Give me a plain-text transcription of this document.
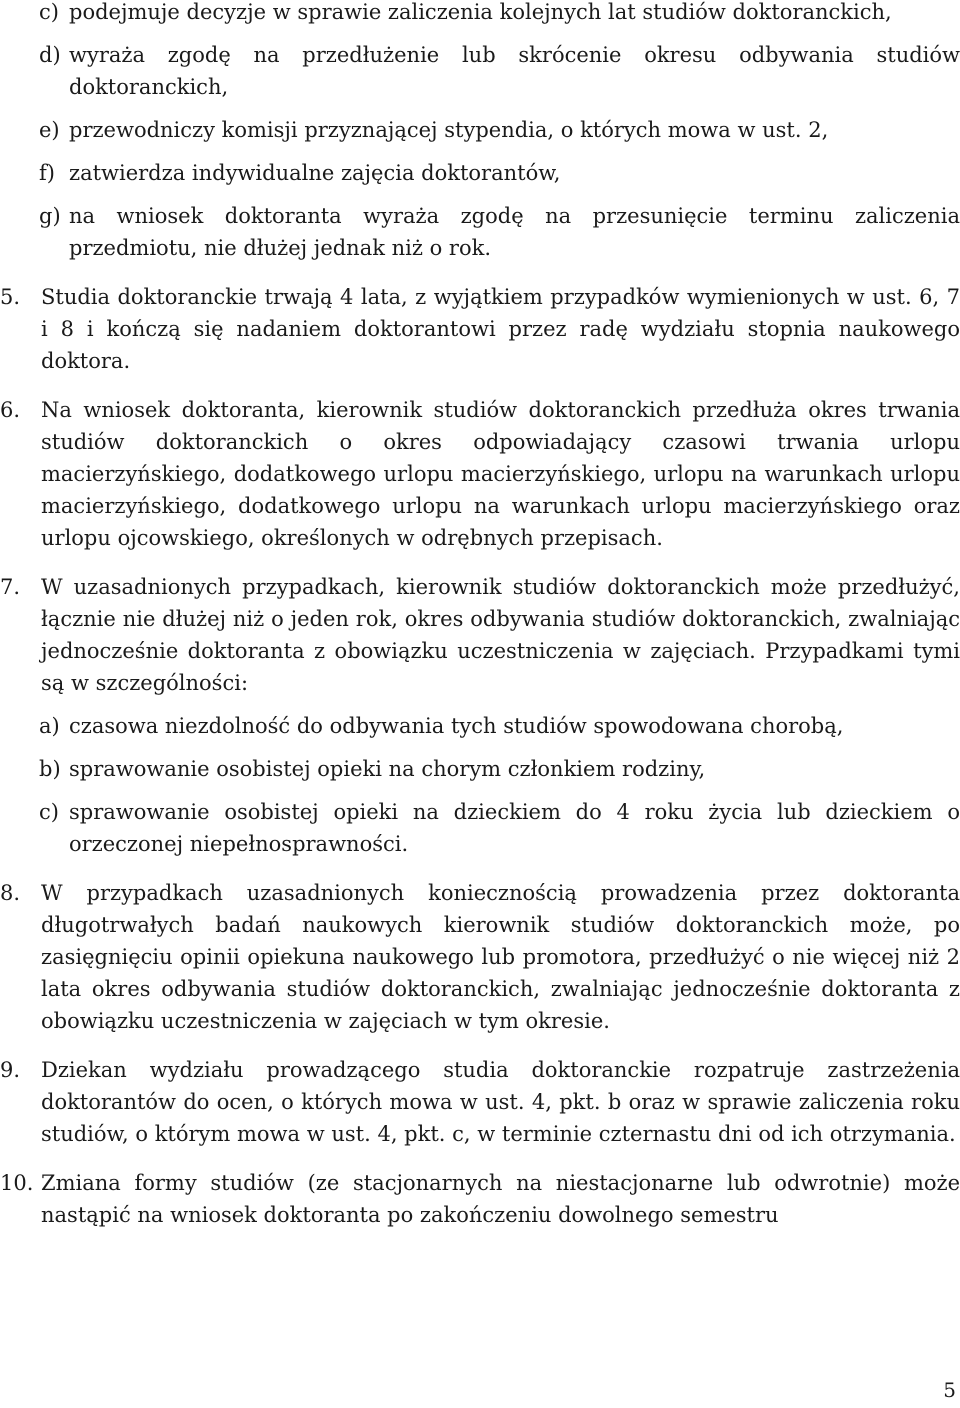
c) podejmuje decyzje w sprawie zaliczenia kolejnych lat studiów doktoranckich,

d) wyraża zgodę na przedłużenie lub skrócenie okresu odbywania studiów doktoranckich,

e) przewodniczy komisji przyznającej stypendia, o których mowa w ust. 2,

f) zatwierdza indywidualne zajęcia doktorantów,

g) na wniosek doktoranta wyraża zgodę na przesunięcie terminu zaliczenia przedmiotu, nie dłużej jednak niż o rok.

5. Studia doktoranckie trwają 4 lata, z wyjątkiem przypadków wymienionych w ust. 6, 7 i 8 i kończą się nadaniem doktorantowi przez radę wydziału stopnia naukowego doktora.

6. Na wniosek doktoranta, kierownik studiów doktoranckich przedłuża okres trwania studiów doktoranckich o okres odpowiadający czasowi trwania urlopu macierzyńskiego, dodatkowego urlopu macierzyńskiego, urlopu na warunkach urlopu macierzyńskiego, dodatkowego urlopu na warunkach urlopu macierzyńskiego oraz urlopu ojcowskiego, określonych w odrębnych przepisach.

7. W uzasadnionych przypadkach, kierownik studiów doktoranckich może przedłużyć, łącznie nie dłużej niż o jeden rok, okres odbywania studiów doktoranckich, zwalniając jednocześnie doktoranta z obowiązku uczestniczenia w zajęciach. Przypadkami tymi są w szczególności:

a) czasowa niezdolność do odbywania tych studiów spowodowana chorobą,

b) sprawowanie osobistej opieki na chorym członkiem rodziny,

c) sprawowanie osobistej opieki na dzieckiem do 4 roku życia lub dzieckiem o orzeczonej niepełnosprawności.

8. W przypadkach uzasadnionych koniecznością prowadzenia przez doktoranta długotrwałych badań naukowych kierownik studiów doktoranckich może, po zasięgnięciu opinii opiekuna naukowego lub promotora, przedłużyć o nie więcej niż 2 lata okres odbywania studiów doktoranckich, zwalniając jednocześnie doktoranta z obowiązku uczestniczenia w zajęciach w tym okresie.

9. Dziekan wydziału prowadzącego studia doktoranckie rozpatruje zastrzeżenia doktorantów do ocen, o których mowa w ust. 4, pkt. b oraz w sprawie zaliczenia roku studiów, o którym mowa w ust. 4, pkt. c, w terminie czternastu dni od ich otrzymania.

10. Zmiana formy studiów (ze stacjonarnych na niestacjonarne lub odwrotnie) może nastąpić na wniosek doktoranta po zakończeniu dowolnego semestru

5
